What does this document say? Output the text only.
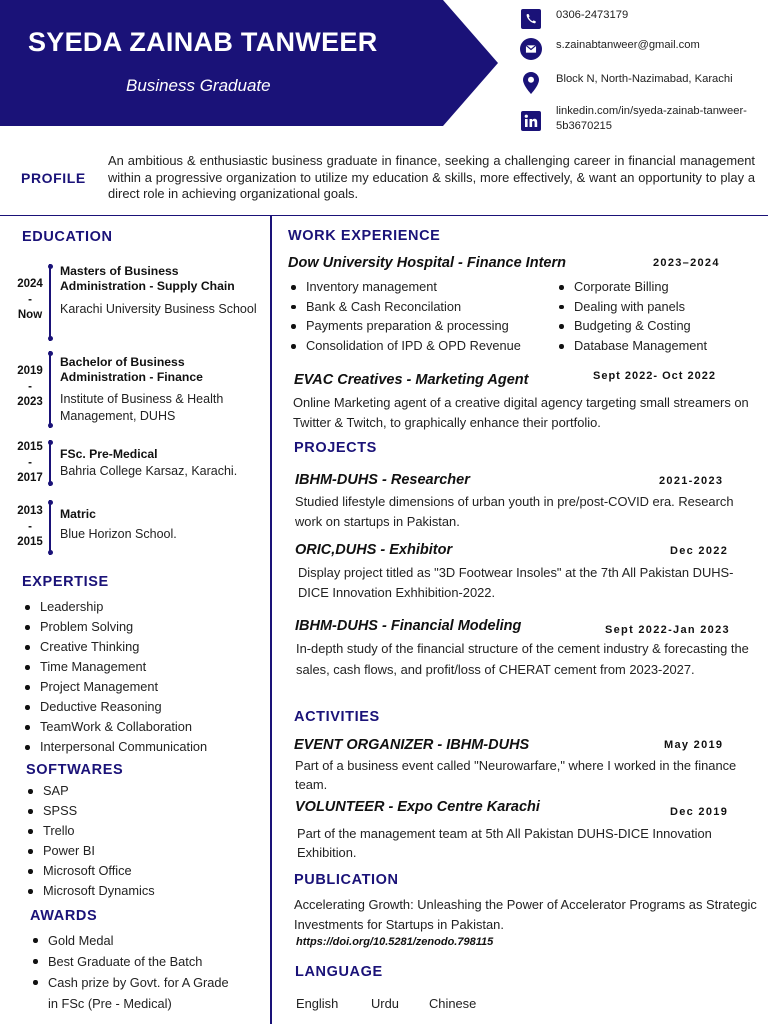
SYEDA ZAINAB TANWEER
Business Graduate
0306-2473179
s.zainabtanweer@gmail.com
Block N, North-Nazimabad, Karachi
linkedin.com/in/syeda-zainab-tanweer-5b3670215
PROFILE
An ambitious & enthusiastic business graduate in finance, seeking a challenging career in financial management within a progressive organization to utilize my education & skills, more effectively, & want an opportunity to play a direct role in achieving organizational goals.
EDUCATION
2024
-
Now
Masters of Business Administration - Supply Chain
Karachi University Business School
2019
-
2023
Bachelor of Business Administration - Finance
Institute of Business & Health Management, DUHS
2015
-
2017
FSc. Pre-Medical
Bahria College Karsaz, Karachi.
2013
-
2015
Matric
Blue Horizon School.
EXPERTISE
Leadership
Problem Solving
Creative Thinking
Time Management
Project Management
Deductive Reasoning
TeamWork & Collaboration
Interpersonal Communication
SOFTWARES
SAP
SPSS
Trello
Power BI
Microsoft Office
Microsoft Dynamics
AWARDS
Gold Medal
Best Graduate of the Batch
Cash prize by Govt. for A Grade
in FSc (Pre - Medical)
WORK EXPERIENCE
Dow University Hospital - Finance Intern	2023–2024
Inventory management
Bank & Cash Reconcilation
Payments preparation & processing
Consolidation of IPD & OPD Revenue
Corporate Billing
Dealing with panels
Budgeting & Costing
Database Management
EVAC Creatives - Marketing Agent	Sept 2022- Oct 2022
Online Marketing agent of a creative digital agency targeting small streamers on Twitter & Twitch, to graphically enhance their portfolio.
PROJECTS
IBHM-DUHS - Researcher	2021-2023
Studied lifestyle dimensions of urban youth in pre/post-COVID era. Research work on startups in Pakistan.
ORIC,DUHS - Exhibitor	Dec 2022
Display project titled as "3D Footwear Insoles" at the 7th All Pakistan DUHS-DICE Innovation Exhhibition-2022.
IBHM-DUHS - Financial Modeling	Sept 2022-Jan 2023
In-depth study of the financial structure of the cement industry & forecasting the sales, cash flows, and profit/loss of CHERAT cement from 2023-2027.
ACTIVITIES
EVENT ORGANIZER - IBHM-DUHS	May 2019
Part of a business event called "Neurowarfare," where I worked in the finance team.
VOLUNTEER - Expo Centre Karachi	Dec 2019
Part of the management team at 5th All Pakistan DUHS-DICE Innovation Exhibition.
PUBLICATION
Accelerating Growth: Unleashing the Power of Accelerator Programs as Strategic Investments for Startups in Pakistan.
https://doi.org/10.5281/zenodo.798115
LANGUAGE
English	Urdu Chinese
